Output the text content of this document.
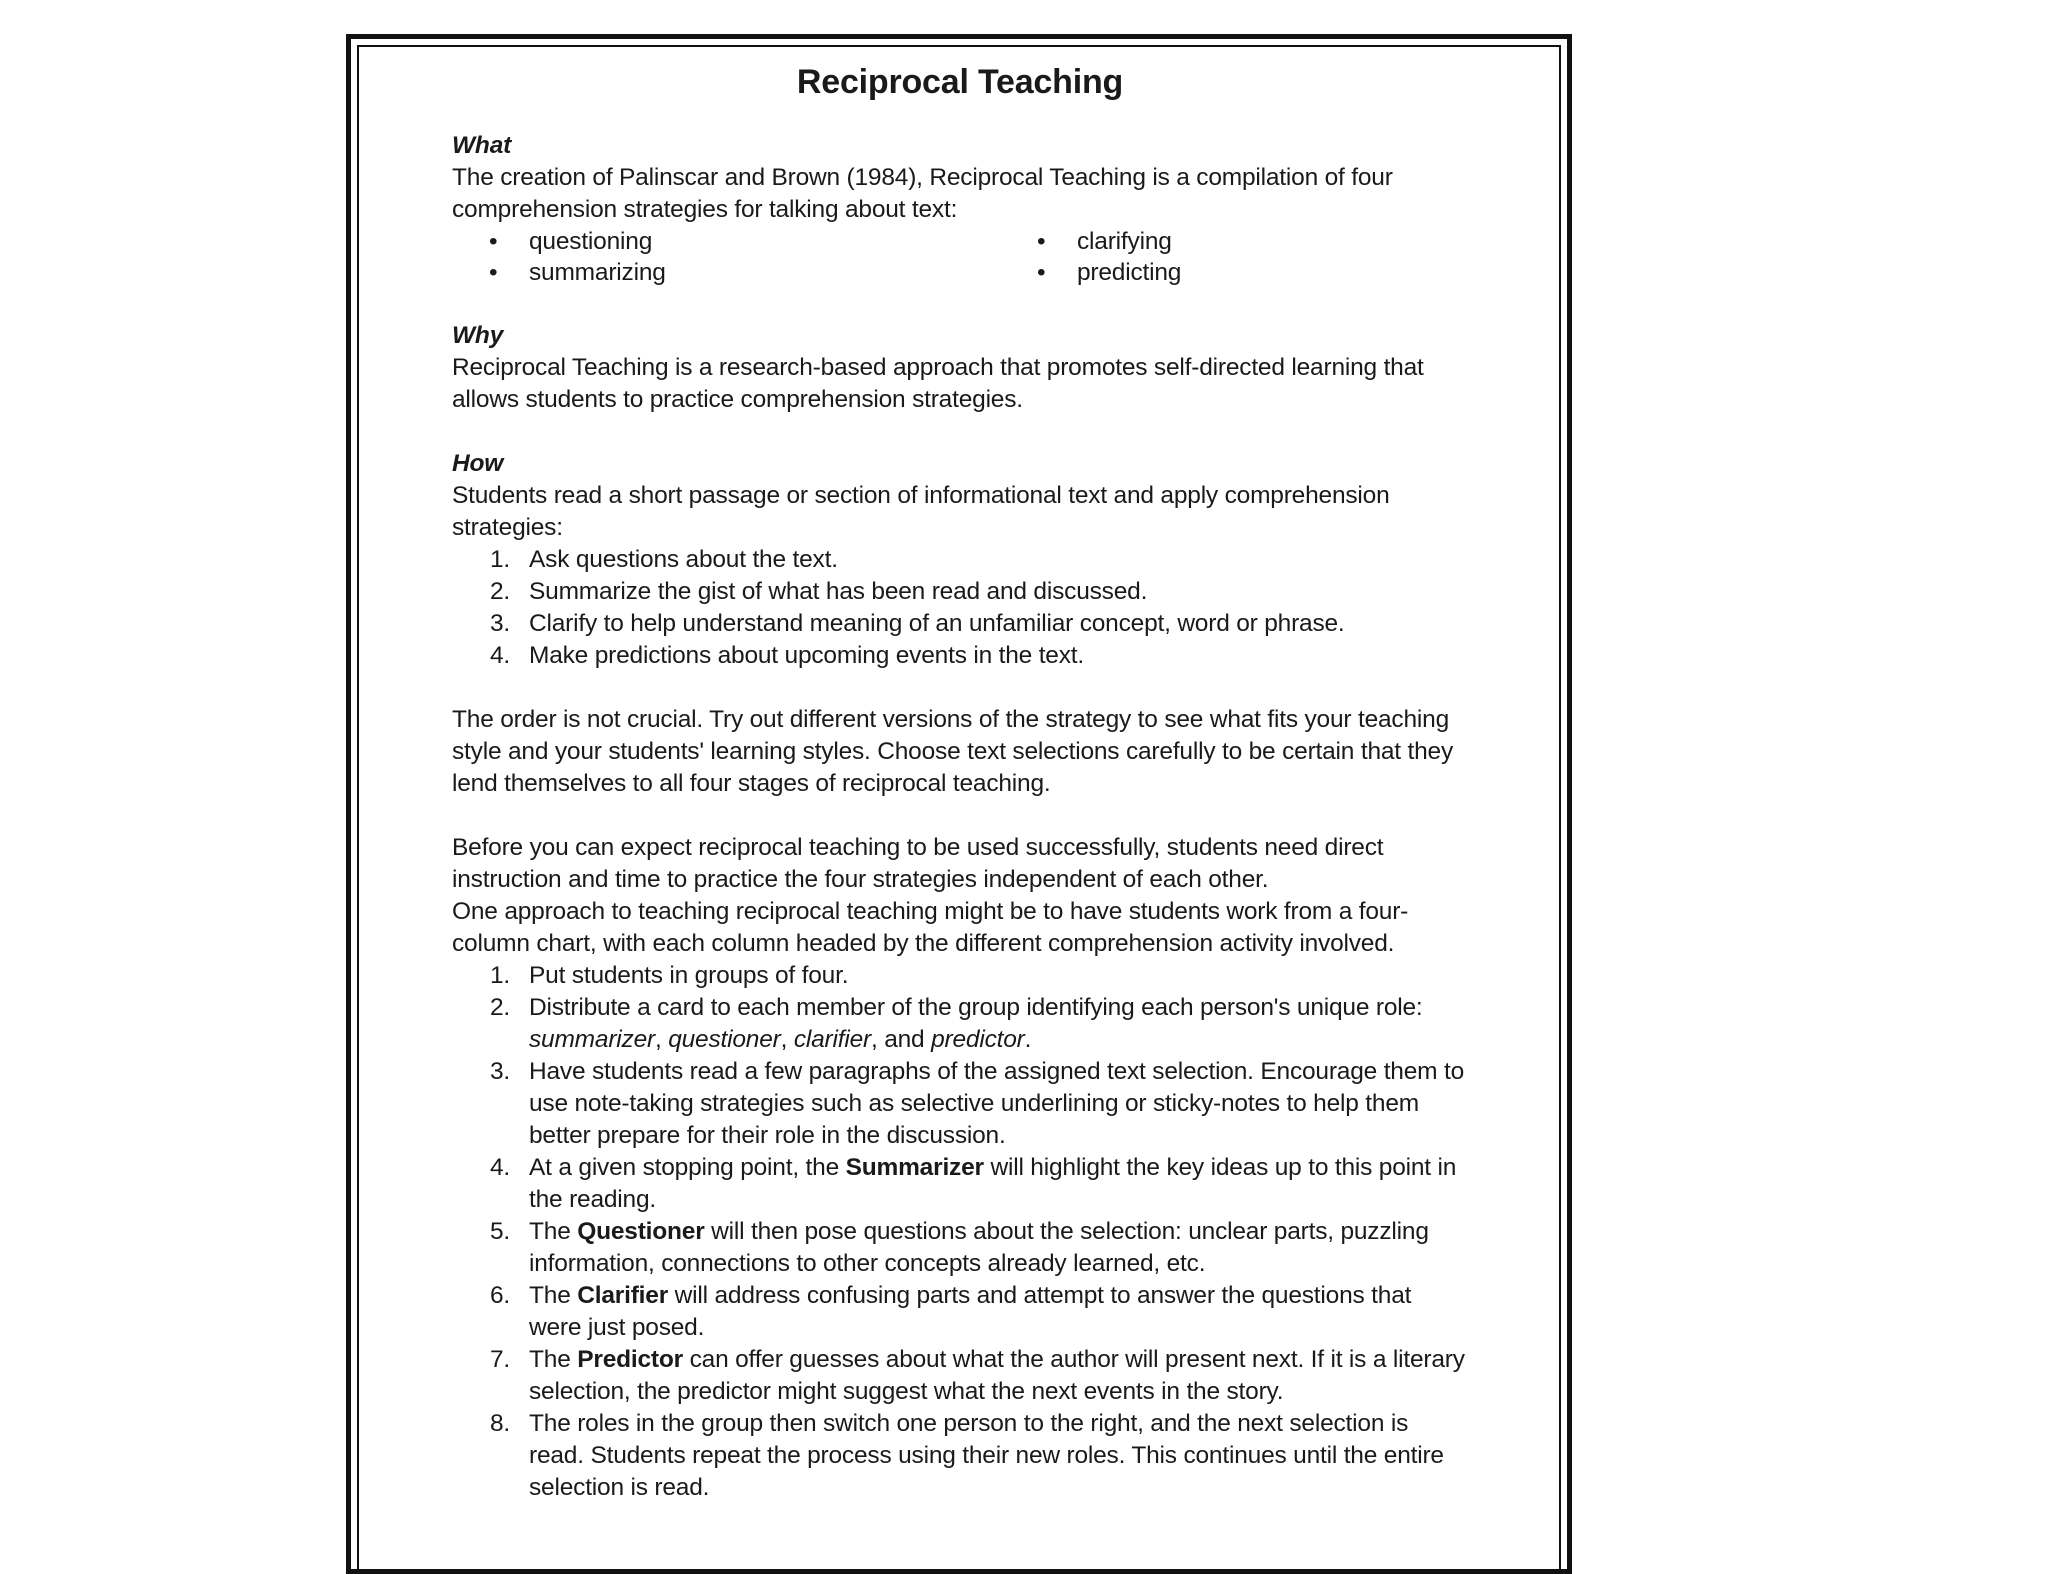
Reciprocal Teaching
What

The creation of Palinscar and Brown (1984), Reciprocal Teaching is a compilation of four comprehension strategies for talking about text:

• questioning	• clarifying
• summarizing	• predicting
Why

Reciprocal Teaching is a research-based approach that promotes self-directed learning that allows students to practice comprehension strategies.

How

Students read a short passage or section of informational text and apply comprehension strategies:

1. Ask questions about the text.
2. Summarize the gist of what has been read and discussed.
3. Clarify to help understand meaning of an unfamiliar concept, word or phrase.
4. Make predictions about upcoming events in the text.

The order is not crucial. Try out different versions of the strategy to see what fits your teaching style and your students' learning styles. Choose text selections carefully to be certain that they lend themselves to all four stages of reciprocal teaching.

Before you can expect reciprocal teaching to be used successfully, students need direct instruction and time to practice the four strategies independent of each other.

One approach to teaching reciprocal teaching might be to have students work from a four-column chart, with each column headed by the different comprehension activity involved.

1. Put students in groups of four.
2. Distribute a card to each member of the group identifying each person's unique role:
summarizer, questioner, clarifier, and predictor.
3. Have students read a few paragraphs of the assigned text selection. Encourage them to use note-taking strategies such as selective underlining or sticky-notes to help them better prepare for their role in the discussion.
4. At a given stopping point, the Summarizer will highlight the key ideas up to this point in the reading.
5. The Questioner will then pose questions about the selection: unclear parts, puzzling information, connections to other concepts already learned, etc.
6. The Clarifier will address confusing parts and attempt to answer the questions that were just posed.
7. The Predictor can offer guesses about what the author will present next. If it is a literary selection, the predictor might suggest what the next events in the story.
8. The roles in the group then switch one person to the right, and the next selection is read. Students repeat the process using their new roles. This continues until the entire selection is read.
